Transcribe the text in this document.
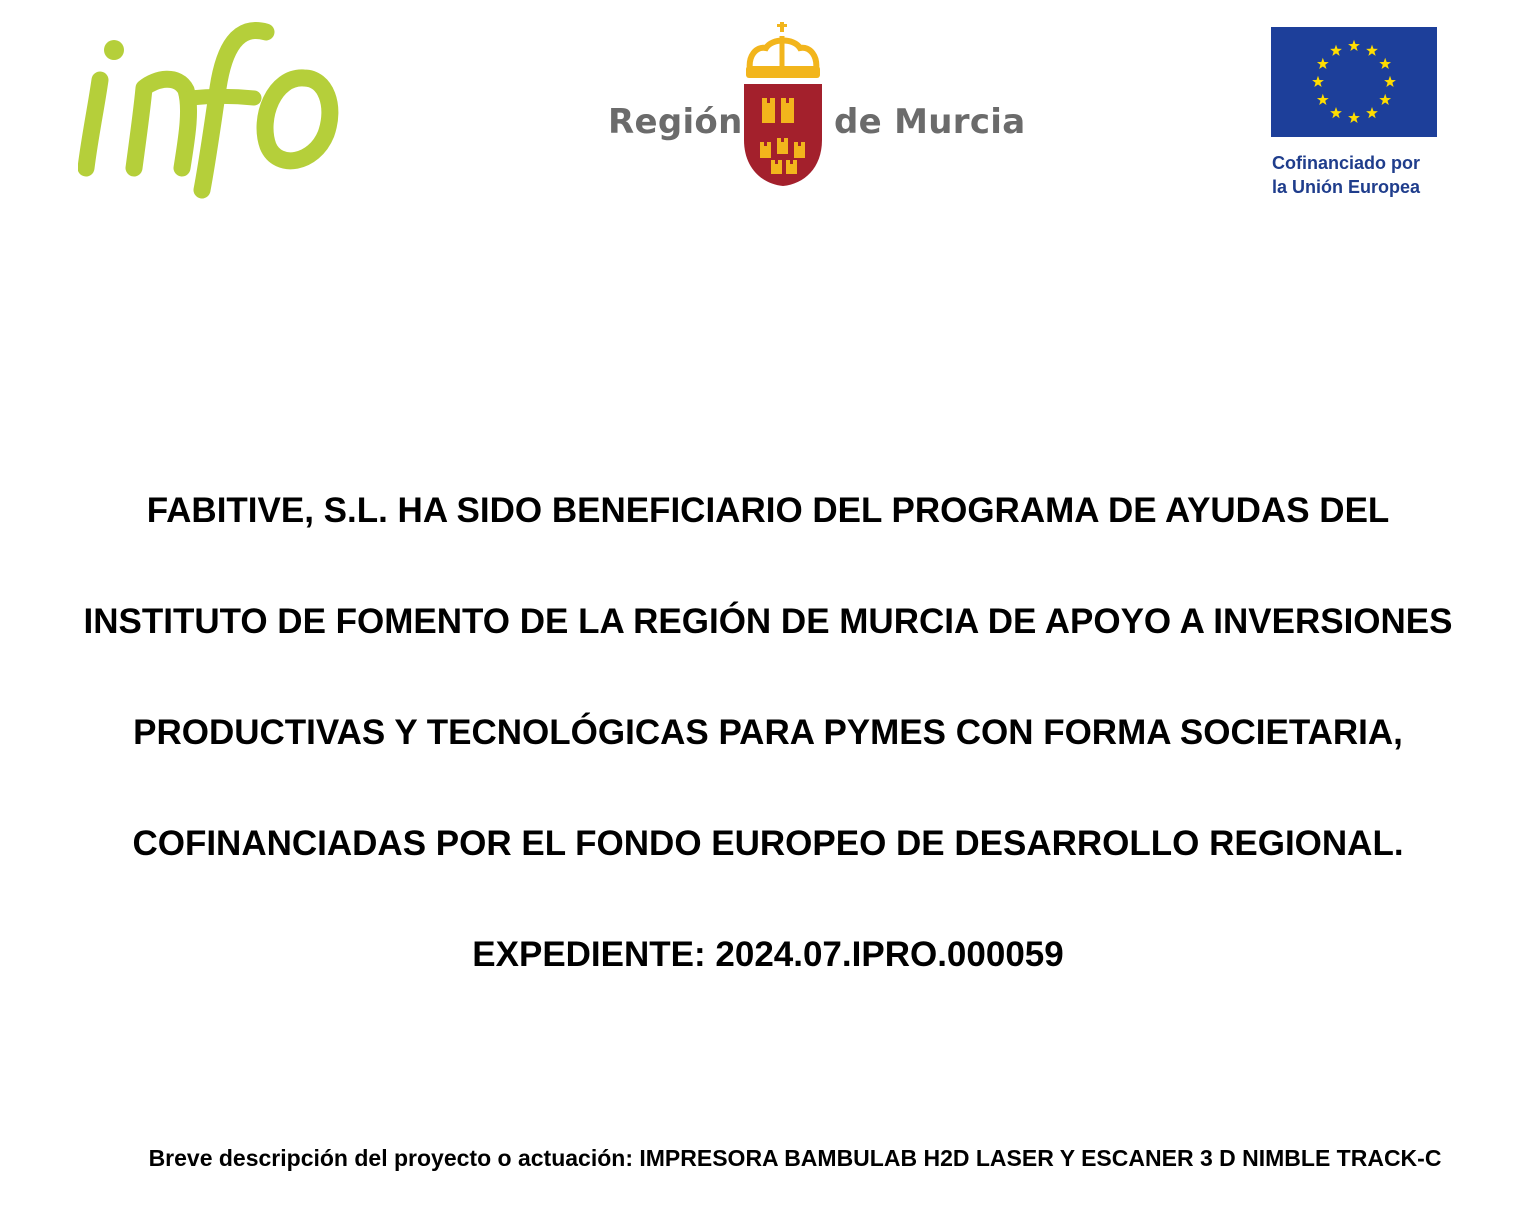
Región	de Murcia
Cofinanciado por
la Unión Europea
FABITIVE, S.L. HA SIDO BENEFICIARIO DEL PROGRAMA DE AYUDAS DEL
INSTITUTO DE FOMENTO DE LA REGIÓN DE MURCIA DE APOYO A INVERSIONES
PRODUCTIVAS Y TECNOLÓGICAS PARA PYMES CON FORMA SOCIETARIA,
COFINANCIADAS POR EL FONDO EUROPEO DE DESARROLLO REGIONAL.
EXPEDIENTE: 2024.07.IPRO.000059
Breve descripción del proyecto o actuación: IMPRESORA BAMBULAB H2D LASER Y ESCANER 3 D NIMBLE TRACK-C
